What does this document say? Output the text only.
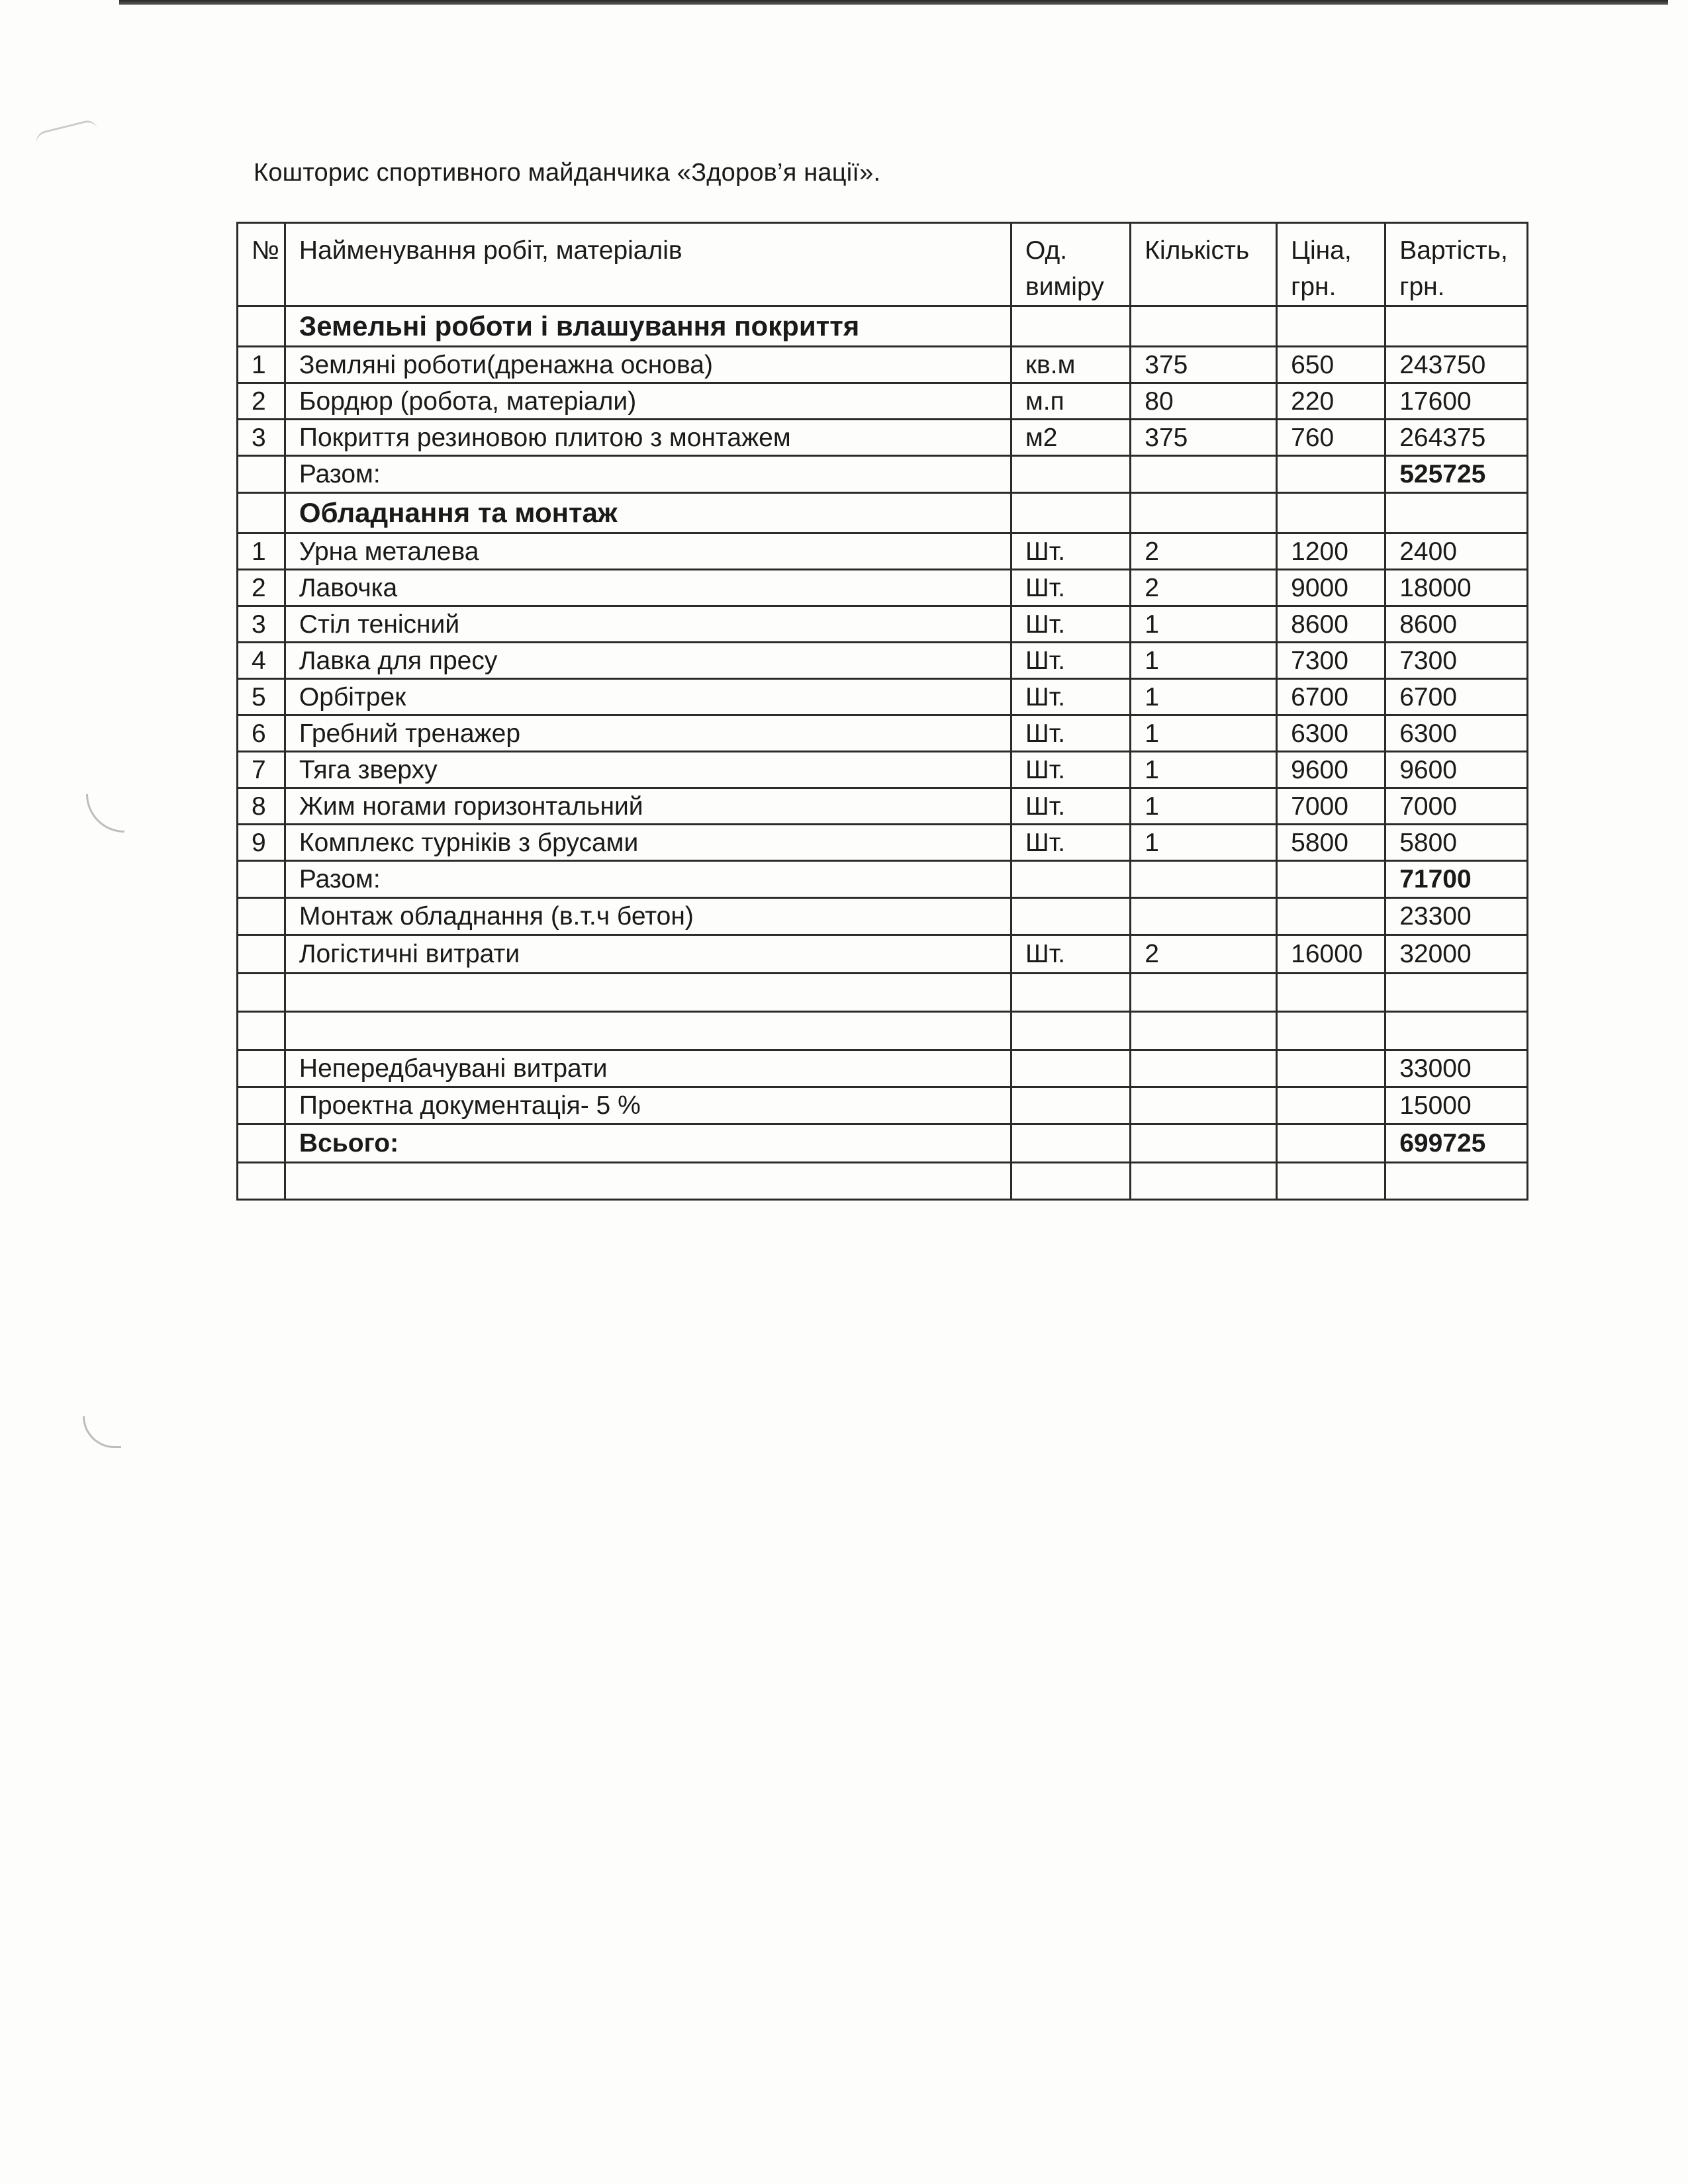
Кошторис спортивного майданчика «Здоров’я нації».
№	Найменування робіт, матеріалів	Од. виміру	Кількість	Ціна, грн.	Вартість, грн.
	Земельні роботи і влашування покриття				
1	Земляні роботи(дренажна основа)	кв.м	375	650	243750
2	Бордюр (робота, матеріали)	м.п	80	220	17600
3	Покриття резиновою плитою з монтажем	м2	375	760	264375
	Разом:				525725
	Обладнання та монтаж				
1	Урна металева	Шт.	2	1200	2400
2	Лавочка	Шт.	2	9000	18000
3	Стіл тенісний	Шт.	1	8600	8600
4	Лавка для пресу	Шт.	1	7300	7300
5	Орбітрек	Шт.	1	6700	6700
6	Гребний тренажер	Шт.	1	6300	6300
7	Тяга зверху	Шт.	1	9600	9600
8	Жим ногами горизонтальний	Шт.	1	7000	7000
9	Комплекс турніків з брусами	Шт.	1	5800	5800
	Разом:				71700
	Монтаж обладнання (в.т.ч бетон)				23300
	Логістичні витрати	Шт.	2	16000	32000

	Непередбачувані витрати				33000
	Проектна документація- 5 %				15000
	Всього:				699725
